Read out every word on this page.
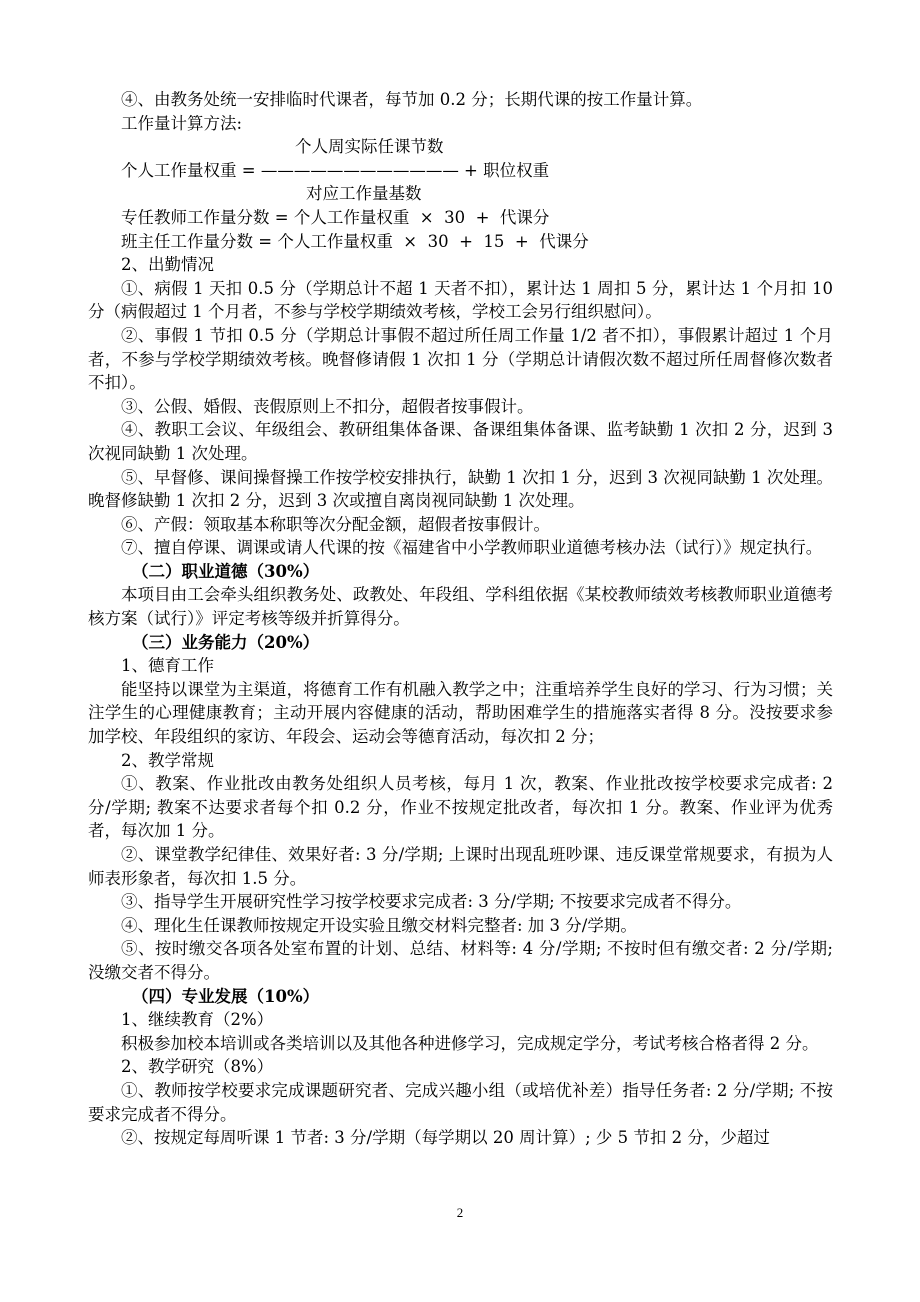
④、由教务处统一安排临时代课者，每节加 0.2 分；长期代课的按工作量计算。
工作量计算方法:
个人周实际任课节数
个人工作量权重 = ———————————— + 职位权重
对应工作量基数
专任教师工作量分数 = 个人工作量权重  ×  30  +  代课分
班主任工作量分数 = 个人工作量权重  ×  30  +  15  +  代课分
2、出勤情况
①、病假 1 天扣 0.5 分（学期总计不超 1 天者不扣），累计达 1 周扣 5 分，累计达 1 个月扣 10 分（病假超过 1 个月者，不参与学校学期绩效考核，学校工会另行组织慰问）。
②、事假 1 节扣 0.5 分（学期总计事假不超过所任周工作量 1/2 者不扣），事假累计超过 1 个月者，不参与学校学期绩效考核。晚督修请假 1 次扣 1 分（学期总计请假次数不超过所任周督修次数者不扣）。
③、公假、婚假、丧假原则上不扣分，超假者按事假计。
④、教职工会议、年级组会、教研组集体备课、备课组集体备课、监考缺勤 1 次扣 2 分，迟到 3 次视同缺勤 1 次处理。
⑤、早督修、课间操督操工作按学校安排执行，缺勤 1 次扣 1 分，迟到 3 次视同缺勤 1 次处理。晚督修缺勤 1 次扣 2 分，迟到 3 次或擅自离岗视同缺勤 1 次处理。
⑥、产假：领取基本称职等次分配金额，超假者按事假计。
⑦、擅自停课、调课或请人代课的按《福建省中小学教师职业道德考核办法（试行）》规定执行。
（二）职业道德（30%）
本项目由工会牵头组织教务处、政教处、年段组、学科组依据《某校教师绩效考核教师职业道德考核方案（试行）》评定考核等级并折算得分。
（三）业务能力（20%）
1、德育工作
能坚持以课堂为主渠道，将德育工作有机融入教学之中；注重培养学生良好的学习、行为习惯；关注学生的心理健康教育；主动开展内容健康的活动，帮助困难学生的措施落实者得 8 分。没按要求参加学校、年段组织的家访、年段会、运动会等德育活动，每次扣 2 分；
2、教学常规
①、教案、作业批改由教务处组织人员考核，每月 1 次，教案、作业批改按学校要求完成者: 2 分/学期; 教案不达要求者每个扣 0.2 分，作业不按规定批改者，每次扣 1 分。教案、作业评为优秀者，每次加 1 分。
②、课堂教学纪律佳、效果好者: 3 分/学期; 上课时出现乱班吵课、违反课堂常规要求，有损为人师表形象者，每次扣 1.5 分。
③、指导学生开展研究性学习按学校要求完成者: 3 分/学期; 不按要求完成者不得分。
④、理化生任课教师按规定开设实验且缴交材料完整者: 加 3 分/学期。
⑤、按时缴交各项各处室布置的计划、总结、材料等: 4 分/学期; 不按时但有缴交者: 2 分/学期; 没缴交者不得分。
（四）专业发展（10%）
1、继续教育（2%）
积极参加校本培训或各类培训以及其他各种进修学习，完成规定学分，考试考核合格者得 2 分。
2、教学研究（8%）
①、教师按学校要求完成课题研究者、完成兴趣小组（或培优补差）指导任务者: 2 分/学期; 不按要求完成者不得分。
②、按规定每周听课 1 节者: 3 分/学期（每学期以 20 周计算）; 少 5 节扣 2 分，少超过
2
